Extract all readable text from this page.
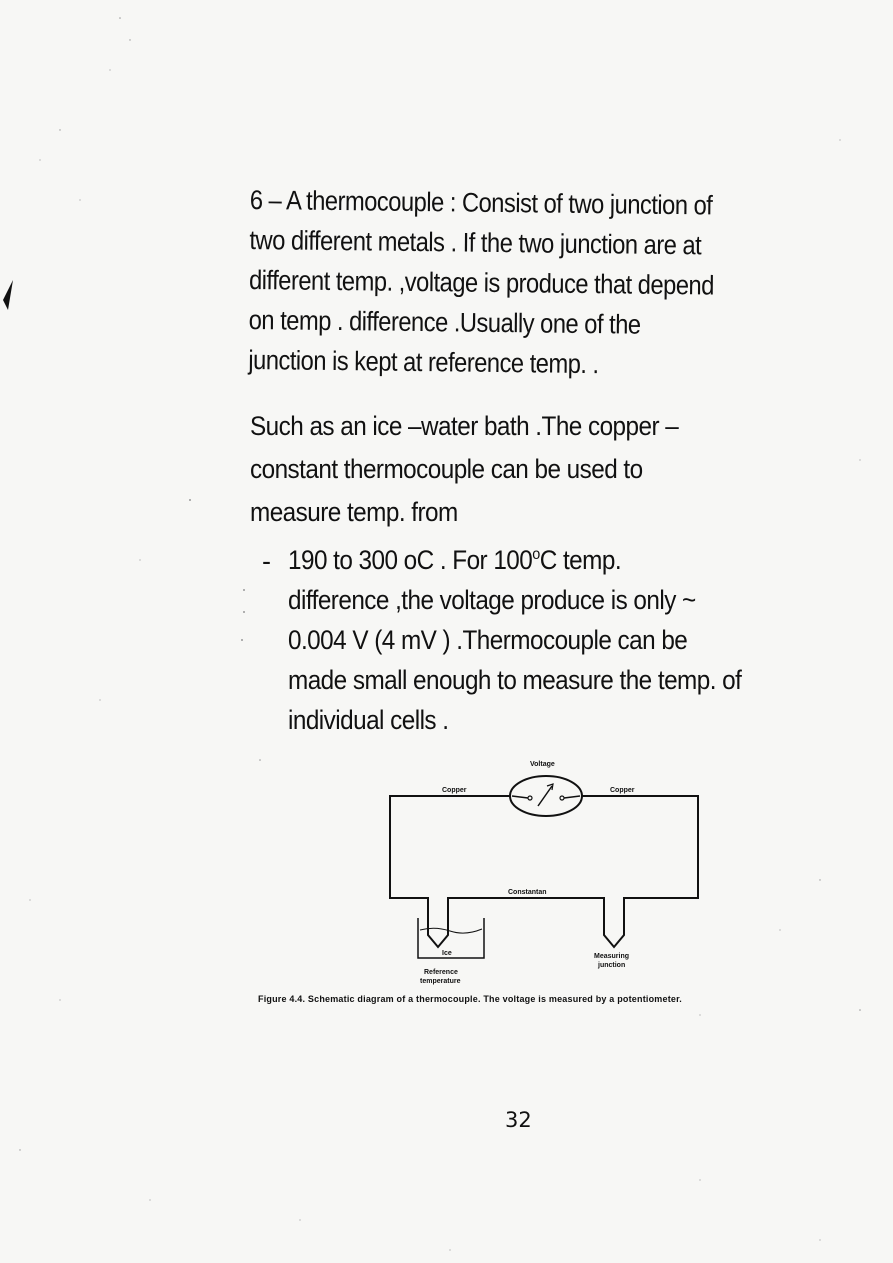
6 – A thermocouple : Consist of two junction of
two different metals . If the two junction are at
different temp. ,voltage is produce that depend
on temp . difference .Usually one of the
junction is kept at reference temp. .

Such as an ice –water bath .The copper –
constant thermocouple can be used to
measure temp. from

- 190 to 300 oC . For 100$^o$C temp.
difference ,the voltage produce is only ~
0.004 V (4 mV ) .Thermocouple can be
made small enough to measure the temp. of
individual cells .

Voltage
Copper	Copper
Constantan
Ice
Reference
temperature
Measuring
junction
Figure 4.4. Schematic diagram of a thermocouple. The voltage is measured by a potentiometer.
32
